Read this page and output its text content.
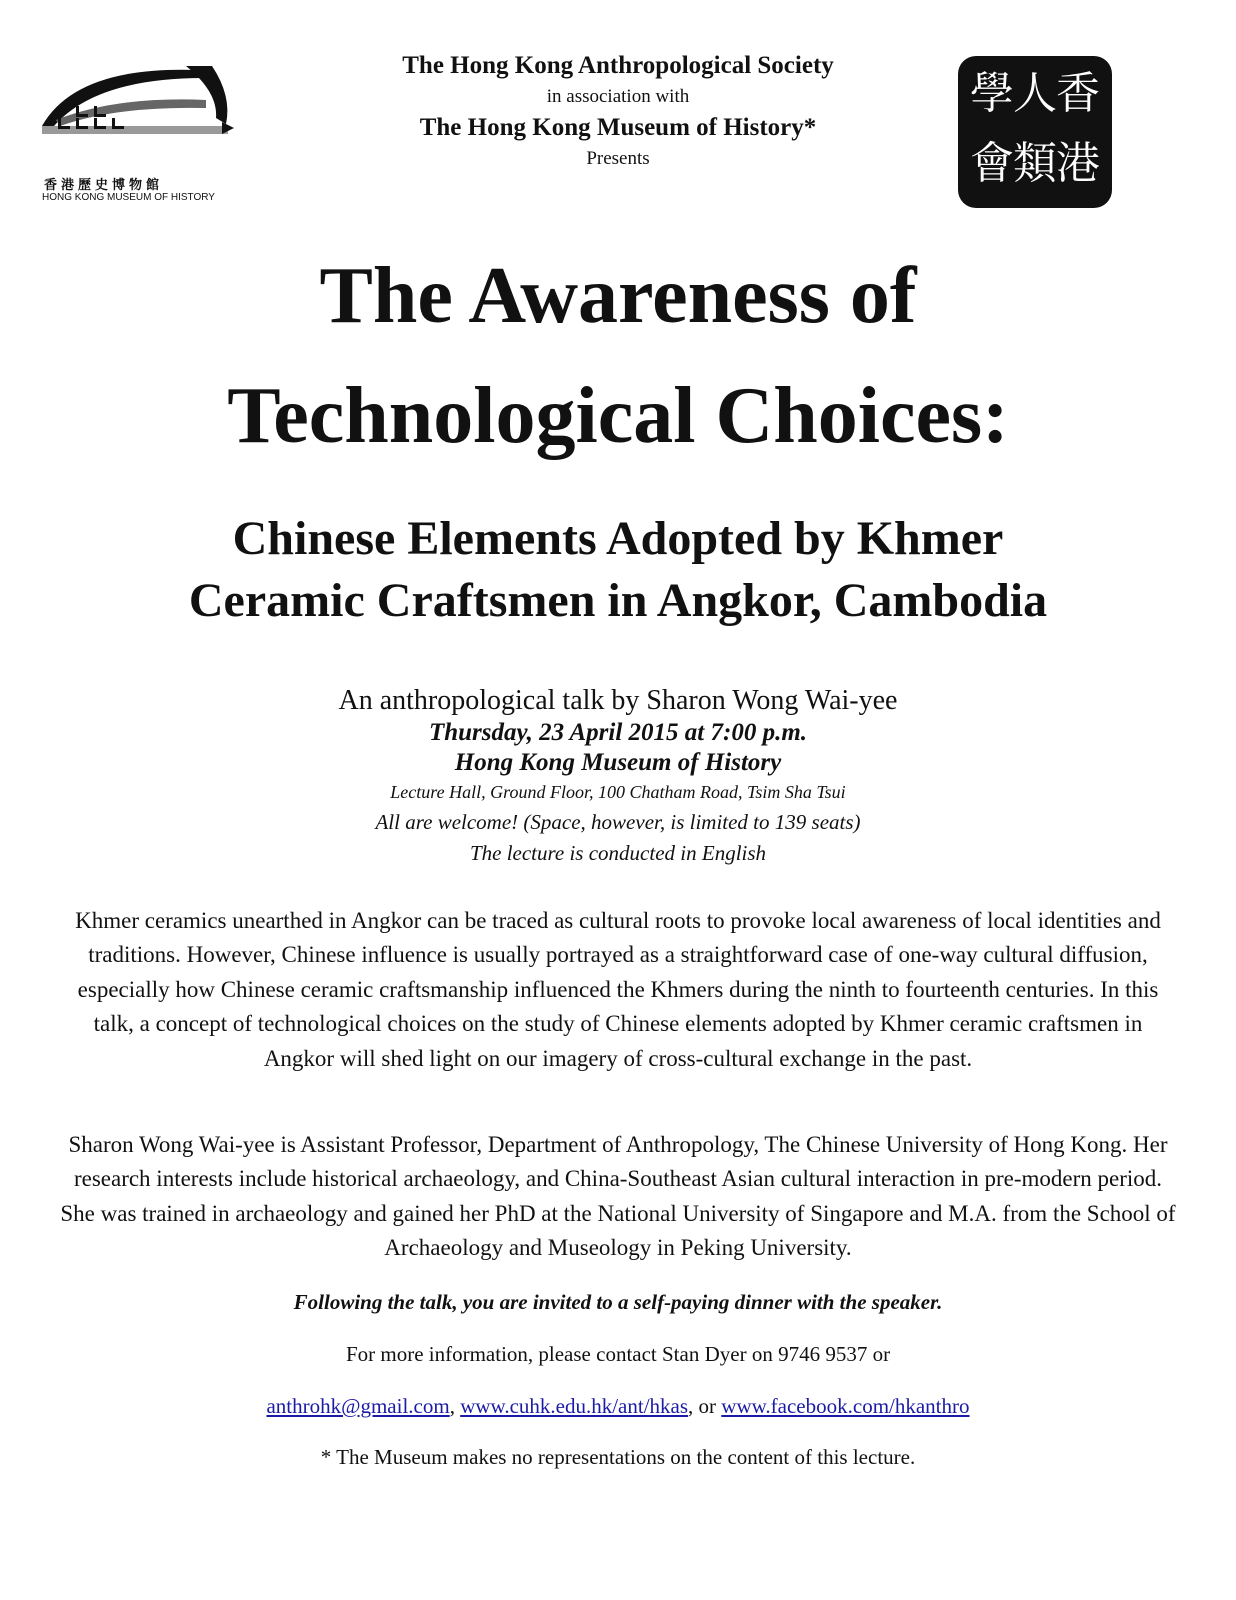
香港歷史博物館
HONG KONG MUSEUM OF HISTORY
The Hong Kong Anthropological Society
in association with
The Hong Kong Museum of History*
Presents
香
港
人
類
學
會
The Awareness of
Technological Choices:
Chinese Elements Adopted by Khmer
Ceramic Craftsmen in Angkor, Cambodia
An anthropological talk by Sharon Wong Wai-yee
Thursday, 23 April 2015 at 7:00 p.m.
Hong Kong Museum of History
Lecture Hall, Ground Floor, 100 Chatham Road, Tsim Sha Tsui
All are welcome! (Space, however, is limited to 139 seats)
The lecture is conducted in English
Khmer ceramics unearthed in Angkor can be traced as cultural roots to provoke local awareness of local identities and traditions. However, Chinese influence is usually portrayed as a straightforward case of one-way cultural diffusion, especially how Chinese ceramic craftsmanship influenced the Khmers during the ninth to fourteenth centuries. In this talk, a concept of technological choices on the study of Chinese elements adopted by Khmer ceramic craftsmen in Angkor will shed light on our imagery of cross-cultural exchange in the past.
Sharon Wong Wai-yee is Assistant Professor, Department of Anthropology, The Chinese University of Hong Kong. Her research interests include historical archaeology, and China-Southeast Asian cultural interaction in pre-modern period. She was trained in archaeology and gained her PhD at the National University of Singapore and M.A. from the School of Archaeology and Museology in Peking University.
Following the talk, you are invited to a self-paying dinner with the speaker.
For more information, please contact Stan Dyer on 9746 9537 or
anthrohk@gmail.com, www.cuhk.edu.hk/ant/hkas, or www.facebook.com/hkanthro
* The Museum makes no representations on the content of this lecture.
